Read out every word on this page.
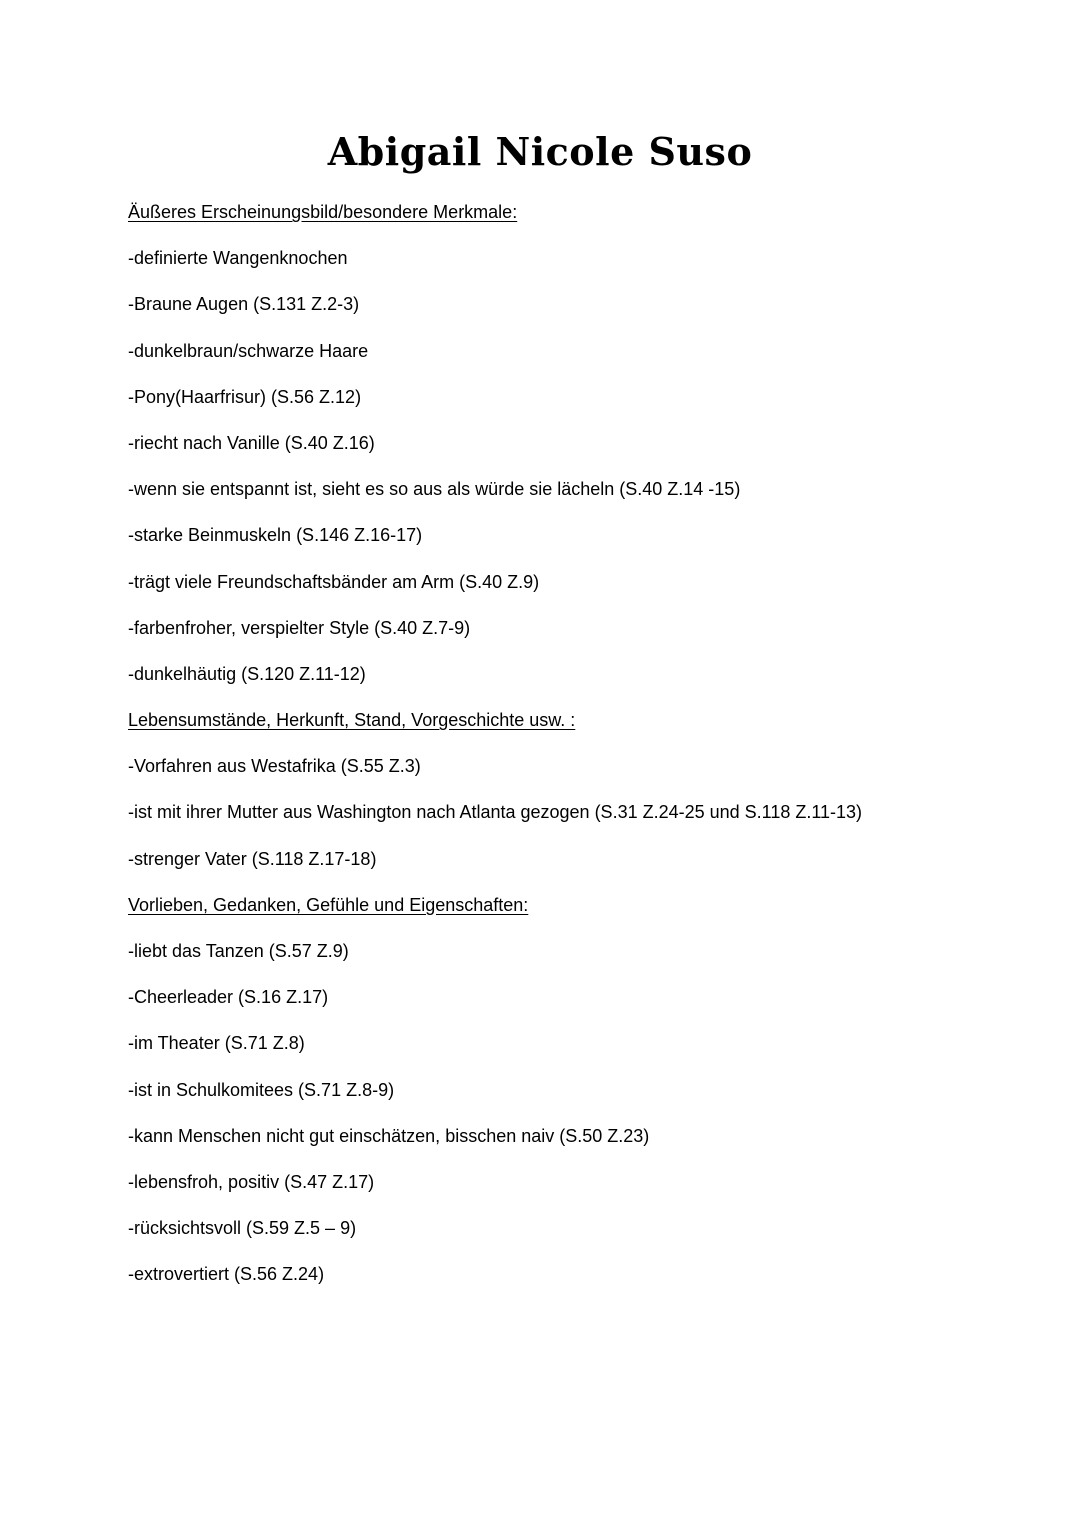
Abigail Nicole Suso
Äußeres Erscheinungsbild/besondere Merkmale:
-definierte Wangenknochen
-Braune Augen (S.131 Z.2-3)
-dunkelbraun/schwarze Haare
-Pony(Haarfrisur) (S.56 Z.12)
-riecht nach Vanille (S.40 Z.16)
-wenn sie entspannt ist, sieht es so aus als würde sie lächeln (S.40 Z.14 -15)
-starke Beinmuskeln (S.146 Z.16-17)
-trägt viele Freundschaftsbänder am Arm (S.40 Z.9)
-farbenfroher, verspielter Style (S.40 Z.7-9)
-dunkelhäutig (S.120 Z.11-12)
Lebensumstände, Herkunft, Stand, Vorgeschichte usw. :
-Vorfahren aus Westafrika (S.55 Z.3)
-ist mit ihrer Mutter aus Washington nach Atlanta gezogen (S.31 Z.24-25 und S.118 Z.11-13)
-strenger Vater (S.118 Z.17-18)
Vorlieben, Gedanken, Gefühle und Eigenschaften:
-liebt das Tanzen (S.57 Z.9)
-Cheerleader (S.16 Z.17)
-im Theater (S.71 Z.8)
-ist in Schulkomitees (S.71 Z.8-9)
-kann Menschen nicht gut einschätzen, bisschen naiv (S.50 Z.23)
-lebensfroh, positiv (S.47 Z.17)
-rücksichtsvoll (S.59 Z.5 – 9)
-extrovertiert (S.56 Z.24)
